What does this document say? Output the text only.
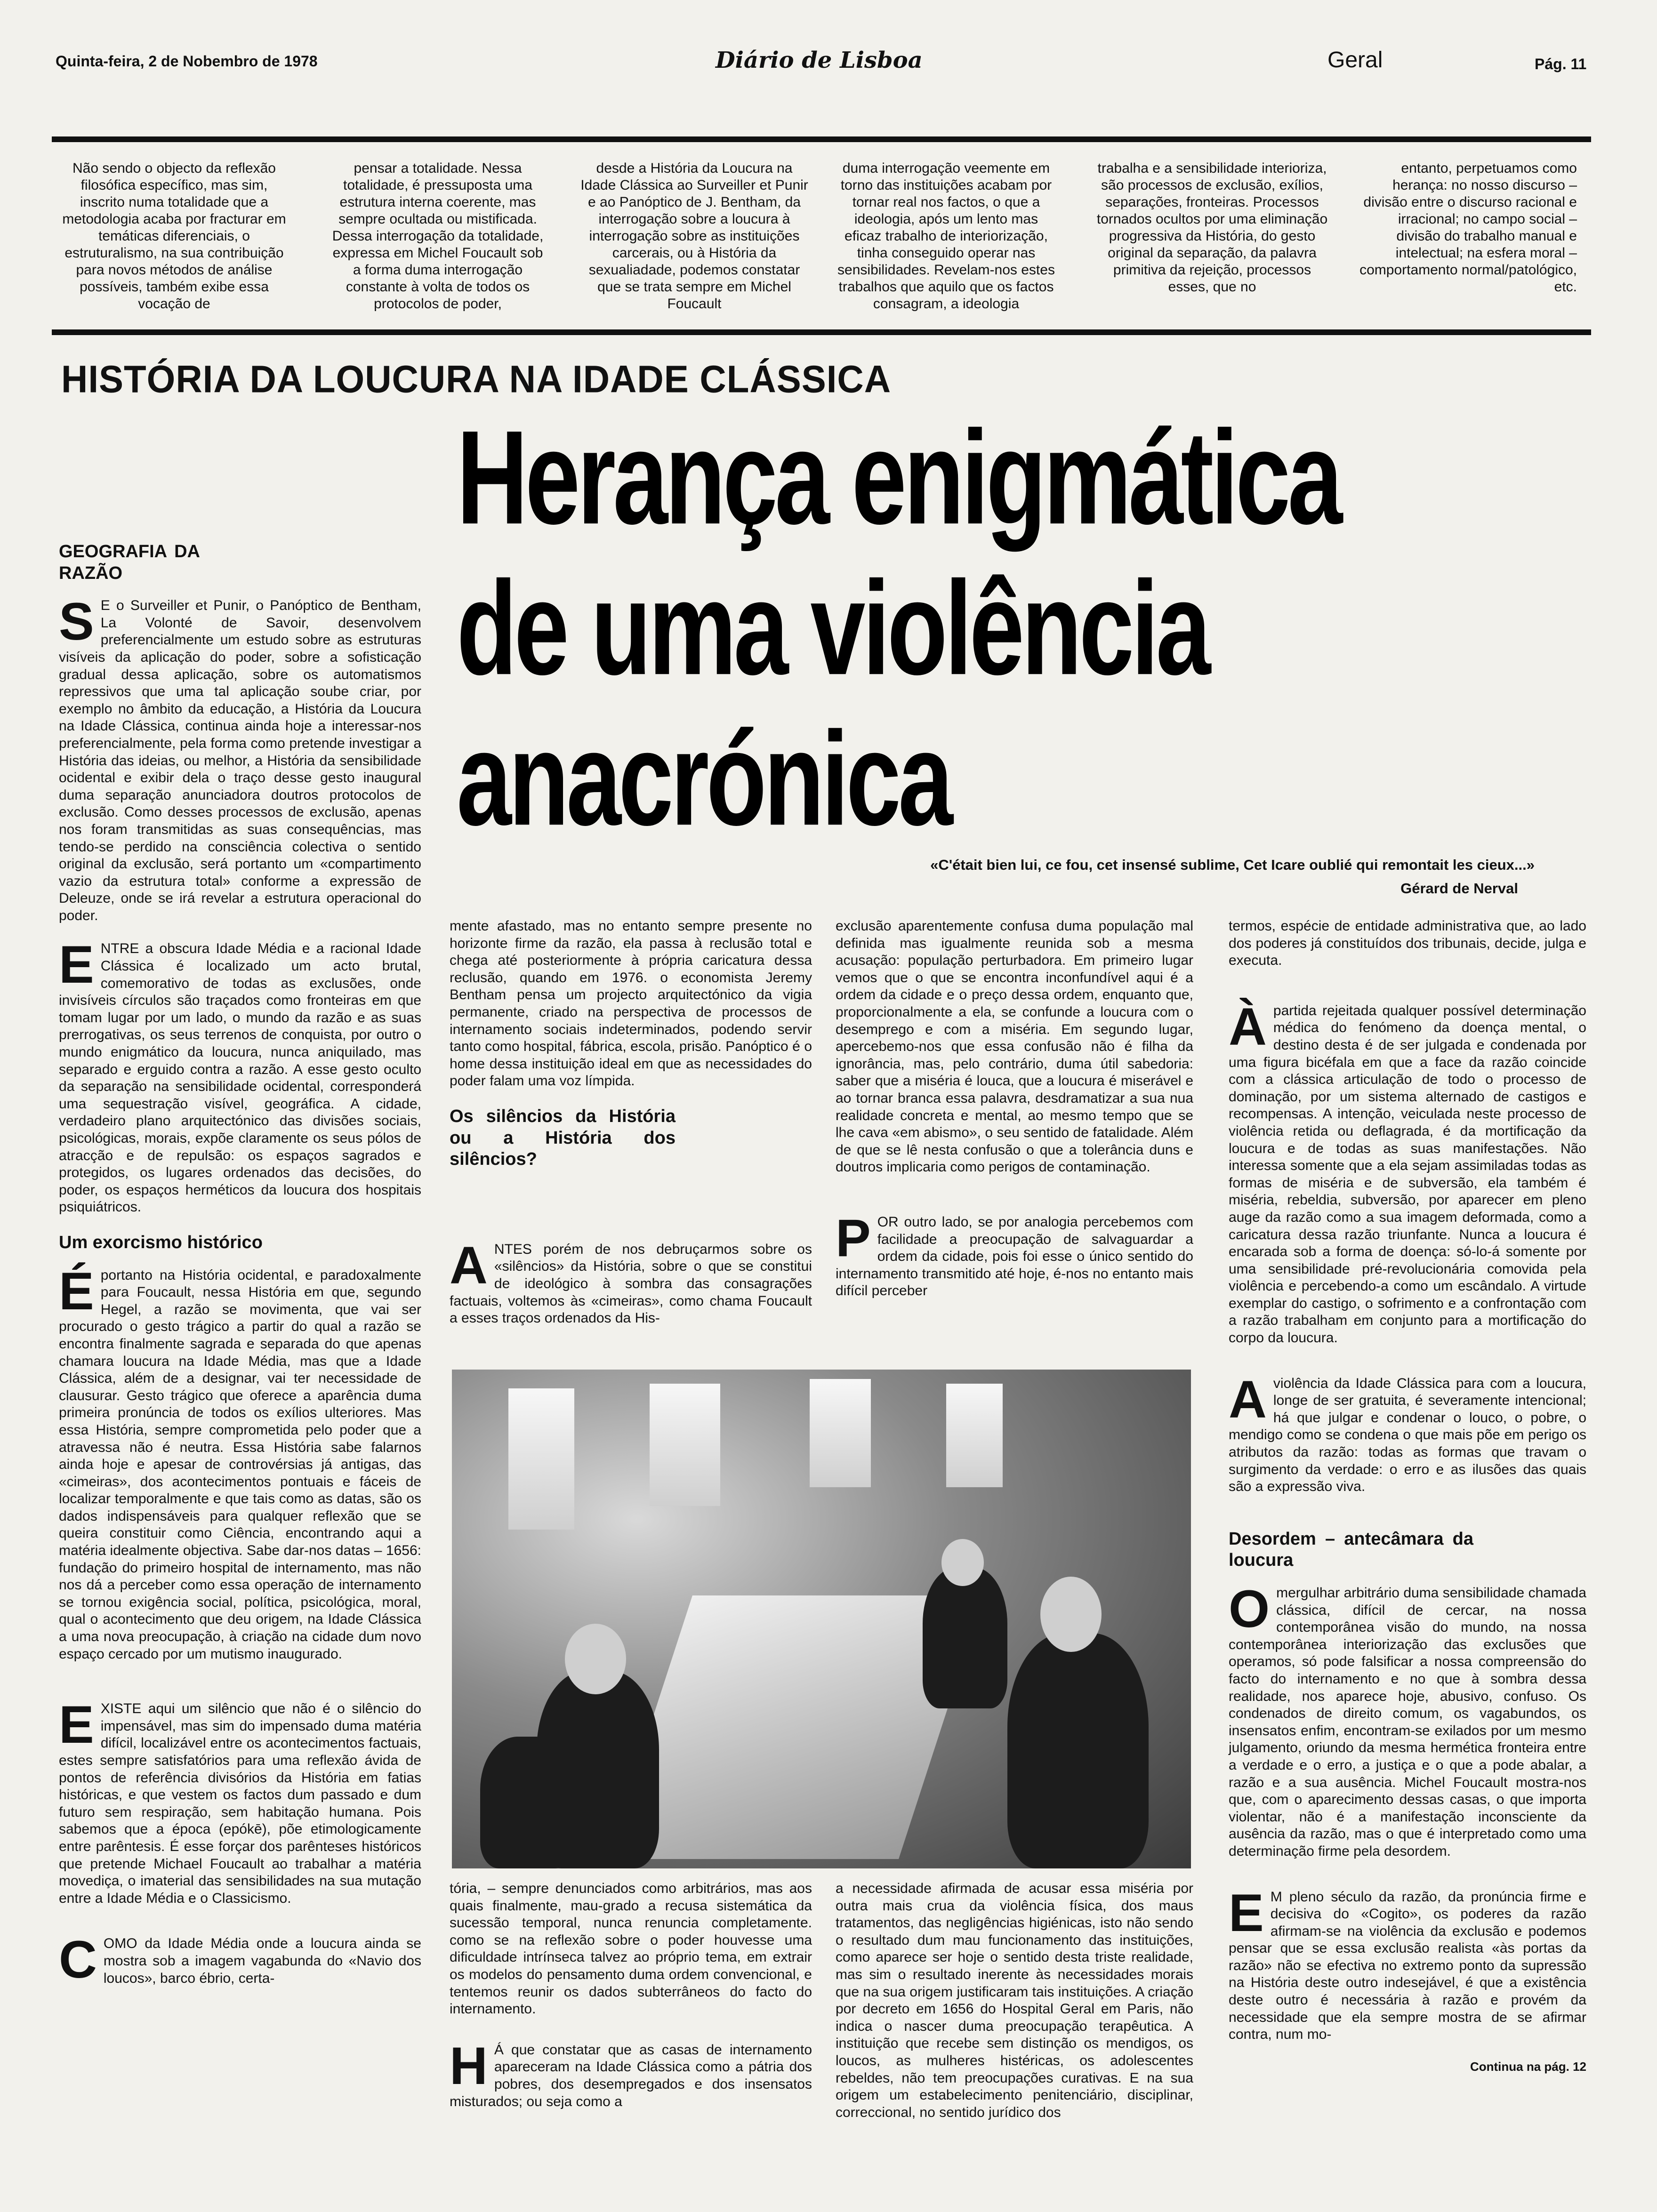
Quinta-feira, 2 de Nobembro de 1978	Diário de Lisboa	Geral	Pág. 11
Não sendo o objecto da reflexão filosófica específico, mas sim, inscrito numa totalidade que a metodologia acaba por fracturar em temáticas diferenciais, o estruturalismo, na sua contribuição para novos métodos de análise possíveis, também exibe essa vocação de
pensar a totalidade. Nessa totalidade, é pressuposta uma estrutura interna coerente, mas sempre ocultada ou mistificada. Dessa interrogação da totalidade, expressa em Michel Foucault sob a forma duma interrogação constante à volta de todos os protocolos de poder,
desde a História da Loucura na Idade Clássica ao Surveiller et Punir e ao Panóptico de J. Bentham, da interrogação sobre a loucura à interrogação sobre as instituições carcerais, ou à História da sexualiadade, podemos constatar que se trata sempre em Michel Foucault
duma interrogação veemente em torno das instituições acabam por tornar real nos factos, o que a ideologia, após um lento mas eficaz trabalho de interiorização, tinha conseguido operar nas sensibilidades. Revelam-nos estes trabalhos que aquilo que os factos consagram, a ideologia
trabalha e a sensibilidade interioriza, são processos de exclusão, exílios, separações, fronteiras. Processos tornados ocultos por uma eliminação progressiva da História, do gesto original da separação, da palavra primitiva da rejeição, processos esses, que no
entanto, perpetuamos como herança: no nosso discurso – divisão entre o discurso racional e irracional; no campo social – divisão do trabalho manual e intelectual; na esfera moral – comportamento normal/patológico, etc.
HISTÓRIA DA LOUCURA NA IDADE CLÁSSICA
Herança enigmática
de uma violência
anacrónica
«C'était bien lui, ce fou, cet insensé sublime, Cet Icare oublié qui remontait les cieux...»
Gérard de Nerval
GEOGRAFIA DA RAZÃO

S E o Surveiller et Punir, o Panóptico de Bentham, La Volonté de Savoir, desenvolvem preferencialmente um estudo sobre as estruturas visíveis da aplicação do poder, sobre a sofisticação gradual dessa aplicação, sobre os automatismos repressivos que uma tal aplicação soube criar, por exemplo no âmbito da educação, a História da Loucura na Idade Clássica, continua ainda hoje a interessar-nos preferencialmente, pela forma como pretende investigar a História das ideias, ou melhor, a História da sensibilidade ocidental e exibir dela o traço desse gesto inaugural duma separação anunciadora doutros protocolos de exclusão. Como desses processos de exclusão, apenas nos foram transmitidas as suas consequências, mas tendo-se perdido na consciência colectiva o sentido original da exclusão, será portanto um «compartimento vazio da estrutura total» conforme a expressão de Deleuze, onde se irá revelar a estrutura operacional do poder.

ENTRE a obscura Idade Média e a racional Idade Clássica é localizado um acto brutal, comemorativo de todas as exclusões, onde invisíveis círculos são traçados como fronteiras em que tomam lugar por um lado, o mundo da razão e as suas prerrogativas, os seus terrenos de conquista, por outro o mundo enigmático da loucura, nunca aniquilado, mas separado e erguido contra a razão. A esse gesto oculto da separação na sensibilidade ocidental, corresponderá uma sequestração visível, geográfica. A cidade, verdadeiro plano arquitectónico das divisões sociais, psicológicas, morais, expõe claramente os seus pólos de atracção e de repulsão: os espaços sagrados e protegidos, os lugares ordenados das decisões, do poder, os espaços herméticos da loucura dos hospitais psiquiátricos.

Um exorcismo histórico

Éportanto na História ocidental, e paradoxalmente para Foucault, nessa História em que, segundo Hegel, a razão se movimenta, que vai ser procurado o gesto trágico a partir do qual a razão se encontra finalmente sagrada e separada do que apenas chamara loucura na Idade Média, mas que a Idade Clássica, além de a designar, vai ter necessidade de clausurar. Gesto trágico que oferece a aparência duma primeira pronúncia de todos os exílios ulteriores. Mas essa História, sempre comprometida pelo poder que a atravessa não é neutra. Essa História sabe falarnos ainda hoje e apesar de controvérsias já antigas, das «cimeiras», dos acontecimentos pontuais e fáceis de localizar temporalmente e que tais como as datas, são os dados indispensáveis para qualquer reflexão que se queira constituir como Ciência, encontrando aqui a matéria idealmente objectiva. Sabe dar-nos datas – 1656: fundação do primeiro hospital de internamento, mas não nos dá a perceber como essa operação de internamento se tornou exigência social, política, psicológica, moral, qual o acontecimento que deu origem, na Idade Clássica a uma nova preocupação, à criação na cidade dum novo espaço cercado por um mutismo inaugurado.

EXISTE aqui um silêncio que não é o silêncio do impensável, mas sim do impensado duma matéria difícil, localizável entre os acontecimentos factuais, estes sempre satisfatórios para uma reflexão ávida de pontos de referência divisórios da História em fatias históricas, e que vestem os factos dum passado e dum futuro sem respiração, sem habitação humana. Pois sabemos que a época (epókē), põe etimologicamente entre parêntesis. É esse forçar dos parênteses históricos que pretende Michael Foucault ao trabalhar a matéria movediça, o imaterial das sensibilidades na sua mutação entre a Idade Média e o Classicismo.

COMO da Idade Média onde a loucura ainda se mostra sob a imagem vagabunda do «Navio dos loucos», barco ébrio, certa-

mente afastado, mas no entanto sempre presente no horizonte firme da razão, ela passa à reclusão total e chega até posteriormente à própria caricatura dessa reclusão, quando em 1976. o economista Jeremy Bentham pensa um projecto arquitectónico da vigia permanente, criado na perspectiva de processos de internamento sociais indeterminados, podendo servir tanto como hospital, fábrica, escola, prisão. Panóptico é o home dessa instituição ideal em que as necessidades do poder falam uma voz límpida.

Os silêncios da História ou a História dos silêncios?

ANTES porém de nos debruçarmos sobre os «silêncios» da História, sobre o que se constitui de ideológico à sombra das consagrações factuais, voltemos às «cimeiras», como chama Foucault a esses traços ordenados da His-

exclusão aparentemente confusa duma população mal definida mas igualmente reunida sob a mesma acusação: população perturbadora. Em primeiro lugar vemos que o que se encontra inconfundível aqui é a ordem da cidade e o preço dessa ordem, enquanto que, proporcionalmente a ela, se confunde a loucura com o desemprego e com a miséria. Em segundo lugar, apercebemo-nos que essa confusão não é filha da ignorância, mas, pelo contrário, duma útil sabedoria: saber que a miséria é louca, que a loucura é miserável e ao tornar branca essa palavra, desdramatizar a sua nua realidade concreta e mental, ao mesmo tempo que se lhe cava «em abismo», o seu sentido de fatalidade. Além de que se lê nesta confusão o que a tolerância duns e doutros implicaria como perigos de contaminação.

POR outro lado, se por analogia percebemos com facilidade a preocupação de salvaguardar a ordem da cidade, pois foi esse o único sentido do internamento transmitido até hoje, é-nos no entanto mais difícil perceber

tória, – sempre denunciados como arbitrários, mas aos quais finalmente, mau-grado a recusa sistemática da sucessão temporal, nunca renuncia completamente. como se na reflexão sobre o poder houvesse uma dificuldade intrínseca talvez ao próprio tema, em extrair os modelos do pensamento duma ordem convencional, e tentemos reunir os dados subterrâneos do facto do internamento.

H Á que constatar que as casas de internamento apareceram na Idade Clássica como a pátria dos pobres, dos desempregados e dos insensatos misturados; ou seja como a

a necessidade afirmada de acusar essa miséria por outra mais crua da violência física, dos maus tratamentos, das negligências higiénicas, isto não sendo o resultado dum mau funcionamento das instituições, como aparece ser hoje o sentido desta triste realidade, mas sim o resultado inerente às necessidades morais que na sua origem justificaram tais instituições. A criação por decreto em 1656 do Hospital Geral em Paris, não indica o nascer duma preocupação terapêutica. A instituição que recebe sem distinção os mendigos, os loucos, as mulheres histéricas, os adolescentes rebeldes, não tem preocupações curativas. E na sua origem um estabelecimento penitenciário, disciplinar, correccional, no sentido jurídico dos

termos, espécie de entidade administrativa que, ao lado dos poderes já constituídos dos tribunais, decide, julga e executa.

Àpartida rejeitada qualquer possível determinação médica do fenómeno da doença mental, o destino desta é de ser julgada e condenada por uma figura bicéfala em que a face da razão coincide com a clássica articulação de todo o processo de dominação, por um sistema alternado de castigos e recompensas. A intenção, veiculada neste processo de violência retida ou deflagrada, é da mortificação da loucura e de todas as suas manifestações. Não interessa somente que a ela sejam assimiladas todas as formas de miséria e de subversão, ela também é miséria, rebeldia, subversão, por aparecer em pleno auge da razão como a sua imagem deformada, como a caricatura dessa razão triunfante. Nunca a loucura é encarada sob a forma de doença: só-lo-á somente por uma sensibilidade pré-revolucionária comovida pela violência e percebendo-a como um escândalo. A virtude exemplar do castigo, o sofrimento e a confrontação com a razão trabalham em conjunto para a mortificação do corpo da loucura.

Aviolência da Idade Clássica para com a loucura, longe de ser gratuita, é severamente intencional; há que julgar e condenar o louco, o pobre, o mendigo como se condena o que mais põe em perigo os atributos da razão: todas as formas que travam o surgimento da verdade: o erro e as ilusões das quais são a expressão viva.

Desordem – antecâmara da loucura

Omergulhar arbitrário duma sensibilidade chamada clássica, difícil de cercar, na nossa contemporânea visão do mundo, na nossa contemporânea interiorização das exclusões que operamos, só pode falsificar a nossa compreensão do facto do internamento e no que à sombra dessa realidade, nos aparece hoje, abusivo, confuso. Os condenados de direito comum, os vagabundos, os insensatos enfim, encontram-se exilados por um mesmo julgamento, oriundo da mesma hermética fronteira entre a verdade e o erro, a justiça e o que a pode abalar, a razão e a sua ausência. Michel Foucault mostra-nos que, com o aparecimento dessas casas, o que importa violentar, não é a manifestação inconsciente da ausência da razão, mas o que é interpretado como uma determinação firme pela desordem.

E M pleno século da razão, da pronúncia firme e decisiva do «Cogito», os poderes da razão afirmam-se na violência da exclusão e podemos pensar que se essa exclusão realista «às portas da razão» não se efectiva no extremo ponto da supressão na História deste outro indesejável, é que a existência deste outro é necessária à razão e provém da necessidade que ela sempre mostra de se afirmar contra, num mo-

Continua na pág. 12
